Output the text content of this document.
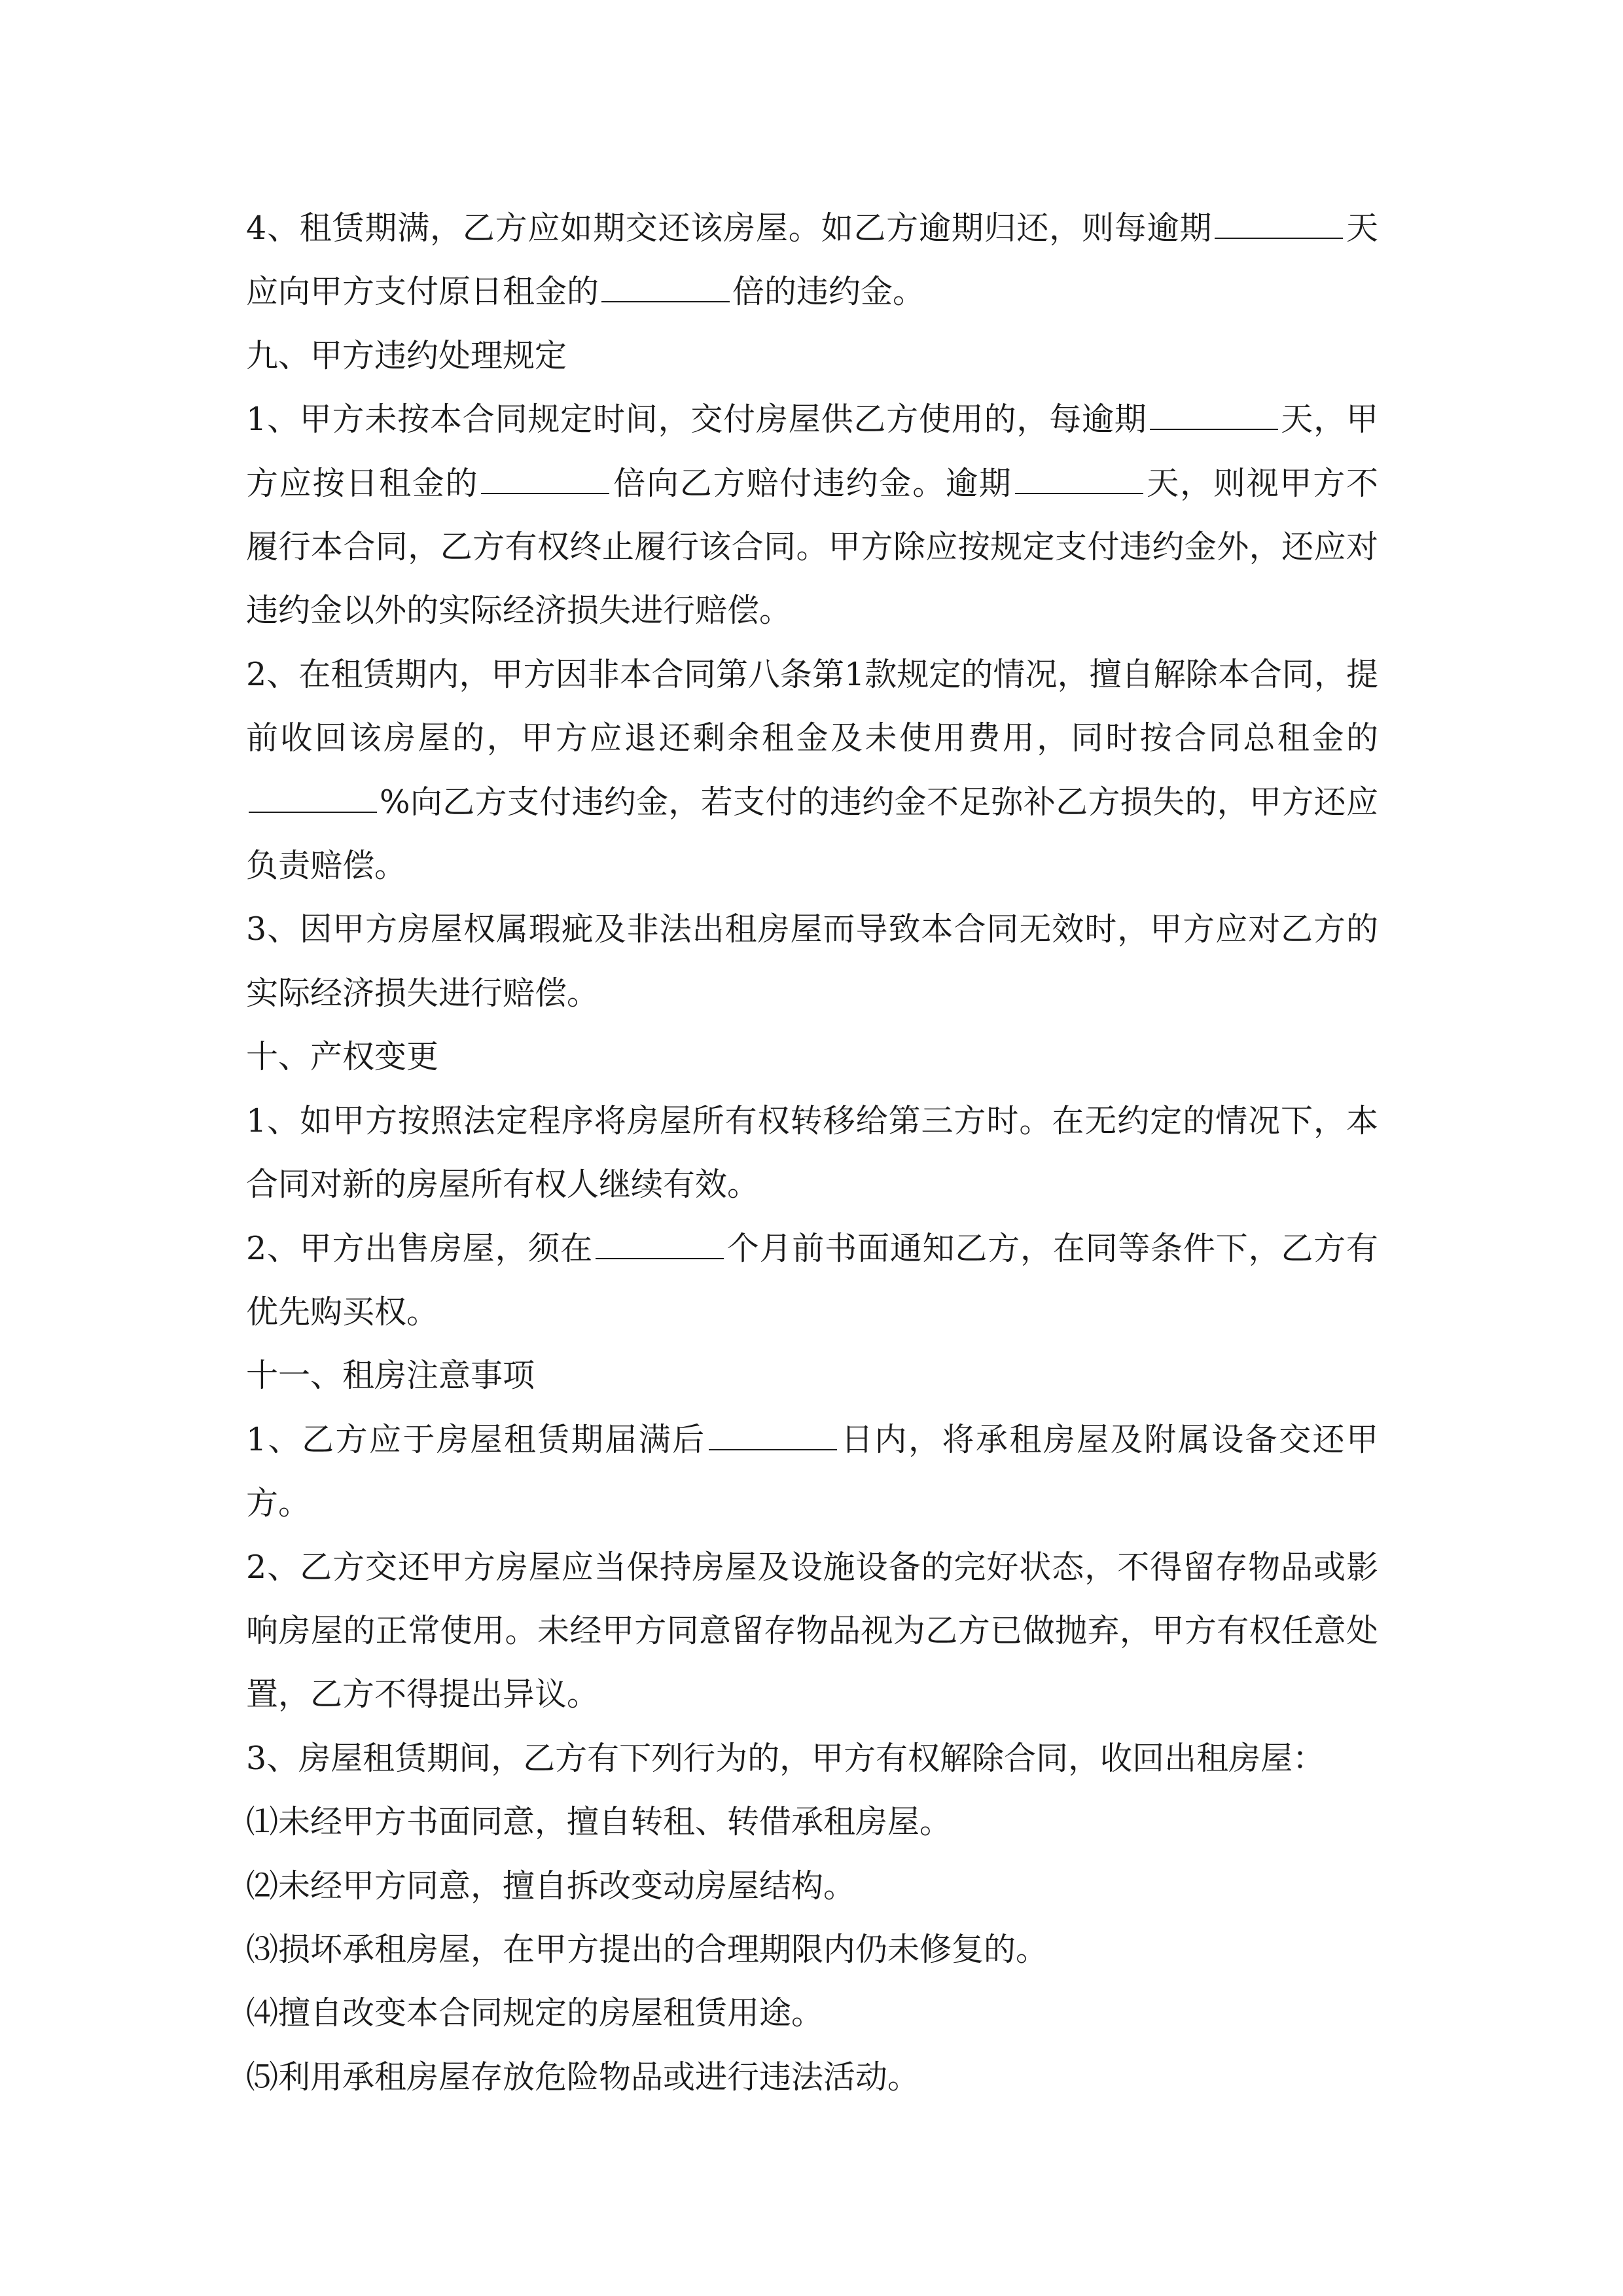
4、租赁期满，乙方应如期交还该房屋。如乙方逾期归还，则每逾期	天应向甲方支付原日租金的	倍的违约金。

九、甲方违约处理规定

1、甲方未按本合同规定时间，交付房屋供乙方使用的，每逾期	天，甲方应按日租金的	倍向乙方赔付违约金。逾期	天，则视甲方不履行本合同，乙方有权终止履行该合同。甲方除应按规定支付违约金外，还应对违约金以外的实际经济损失进行赔偿。

2、在租赁期内，甲方因非本合同第八条第1款规定的情况，擅自解除本合同，提前收回该房屋的，甲方应退还剩余租金及未使用费用，同时按合同总租金的%向乙方支付违约金，若支付的违约金不足弥补乙方损失的，甲方还应负责赔偿。

3、因甲方房屋权属瑕疵及非法出租房屋而导致本合同无效时，甲方应对乙方的实际经济损失进行赔偿。

十、产权变更

1、如甲方按照法定程序将房屋所有权转移给第三方时。在无约定的情况下，本合同对新的房屋所有权人继续有效。

2、甲方出售房屋，须在	个月前书面通知乙方，在同等条件下，乙方有优先购买权。

十一、租房注意事项

1、乙方应于房屋租赁期届满后	日内，将承租房屋及附属设备交还甲方。

2、乙方交还甲方房屋应当保持房屋及设施设备的完好状态，不得留存物品或影响房屋的正常使用。未经甲方同意留存物品视为乙方已做抛弃，甲方有权任意处置，乙方不得提出异议。

3、房屋租赁期间，乙方有下列行为的，甲方有权解除合同，收回出租房屋：

⑴未经甲方书面同意，擅自转租、转借承租房屋。

⑵未经甲方同意，擅自拆改变动房屋结构。

⑶损坏承租房屋，在甲方提出的合理期限内仍未修复的。

⑷擅自改变本合同规定的房屋租赁用途。

⑸利用承租房屋存放危险物品或进行违法活动。
